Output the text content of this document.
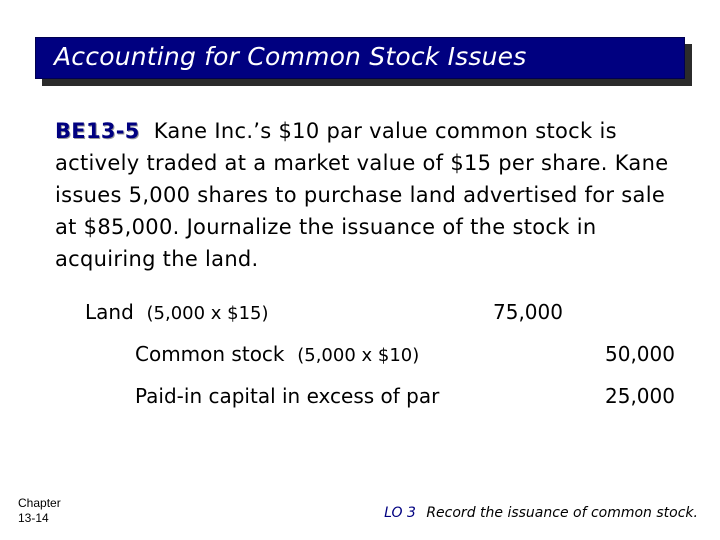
Accounting for Common Stock Issues
BE13-5 Kane Inc.’s $10 par value common stock is actively traded at a market value of $15 per share. Kane issues 5,000 shares to purchase land advertised for sale at $85,000. Journalize the issuance of the stock in acquiring the land.
Land (5,000 x $15)	75,000
Common stock (5,000 x $10)	50,000
Paid-in capital in excess of par	25,000
Chapter
13-14	LO 3 Record the issuance of common stock.
